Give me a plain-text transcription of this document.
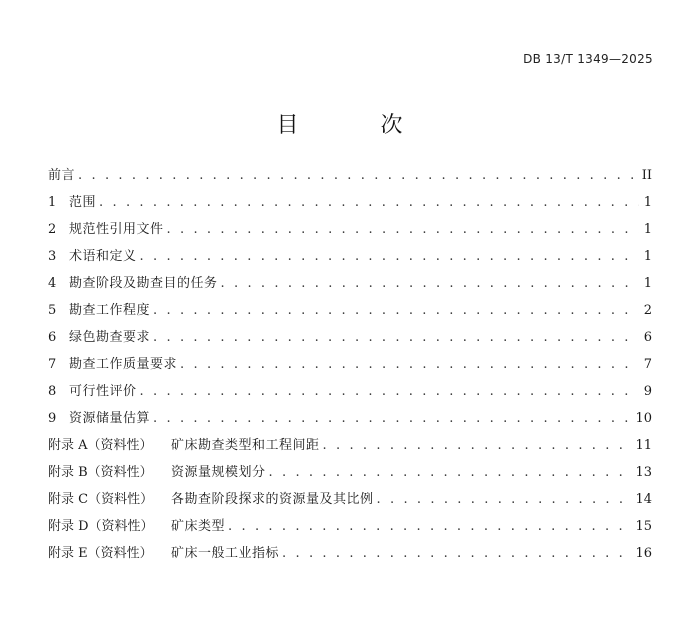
DB 13/T 1349—2025
目　次
前言 . . .	II
1 范围 . . .	1
2 规范性引用文件 . . .	1
3 术语和定义 . . .	1
4 勘查阶段及勘查目的任务 . . .	1
5 勘查工作程度 . . .	2
6 绿色勘查要求 . . .	6
7 勘查工作质量要求 . . .	7
8 可行性评价 . . .	9
9 资源储量估算 . . .	10
附录 A（资料性）	矿床勘查类型和工程间距 . . .	11
附录 B（资料性）	资源量规模划分 . . .	13
附录 C（资料性）	各勘查阶段探求的资源量及其比例 . . .	14
附录 D（资料性）	矿床类型 . . .	15
附录 E（资料性）	矿床一般工业指标 . . .	16
